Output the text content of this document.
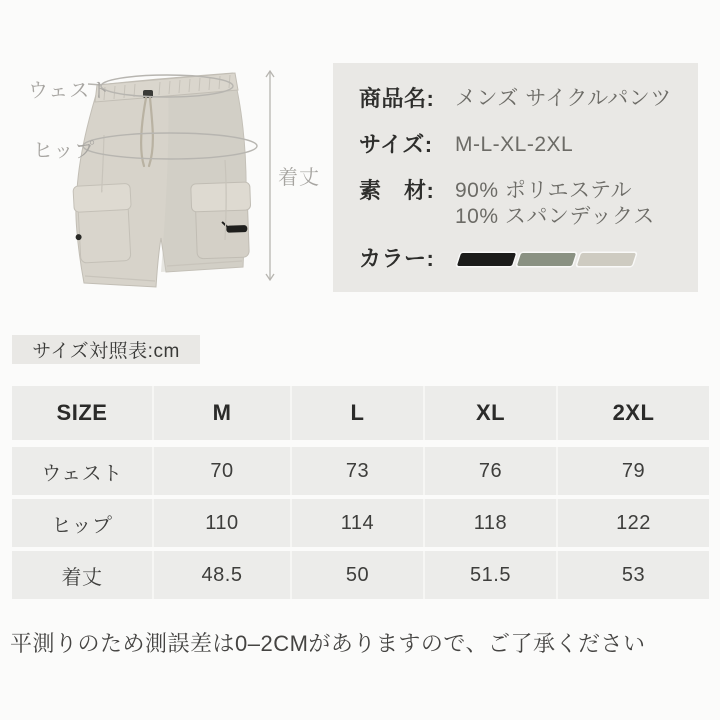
ウェスト
ヒップ
着丈
商品名: メンズ サイクルパンツ
サイズ:	M-L-XL-2XL
素　材: 90% ポリエステル
10% スパンデックス
カラー:
サイズ対照表:cm
SIZE	M	L	XL	2XL
ウェスト	70	73	76	79
ヒップ	110	114	118	122
着丈	48.5	50	51.5	53
平測りのため測誤差は0–2CMがありますので、ご了承ください
